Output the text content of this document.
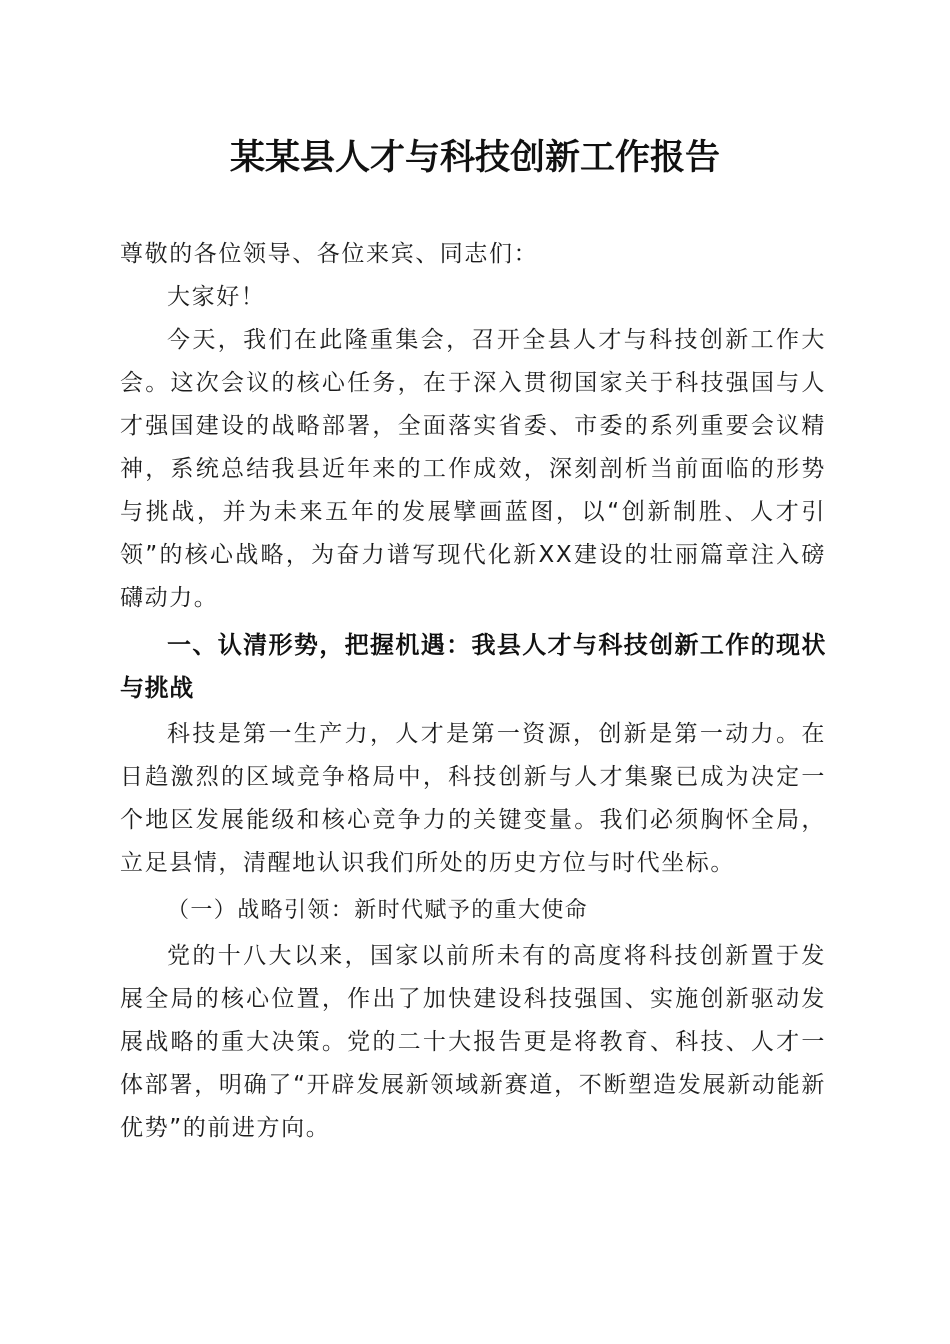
某某县人才与科技创新工作报告

尊敬的各位领导、各位来宾、同志们：

大家好！

今天，我们在此隆重集会，召开全县人才与科技创新工作大会。这次会议的核心任务，在于深入贯彻国家关于科技强国与人才强国建设的战略部署，全面落实省委、市委的系列重要会议精神，系统总结我县近年来的工作成效，深刻剖析当前面临的形势与挑战，并为未来五年的发展擘画蓝图，以“创新制胜、人才引领”的核心战略，为奋力谱写现代化新XX建设的壮丽篇章注入磅礴动力。

一、认清形势，把握机遇：我县人才与科技创新工作的现状与挑战

科技是第一生产力，人才是第一资源，创新是第一动力。在日趋激烈的区域竞争格局中，科技创新与人才集聚已成为决定一个地区发展能级和核心竞争力的关键变量。我们必须胸怀全局，立足县情，清醒地认识我们所处的历史方位与时代坐标。

（一）战略引领：新时代赋予的重大使命

党的十八大以来，国家以前所未有的高度将科技创新置于发展全局的核心位置，作出了加快建设科技强国、实施创新驱动发展战略的重大决策。党的二十大报告更是将教育、科技、人才一体部署，明确了“开辟发展新领域新赛道，不断塑造发展新动能新优势”的前进方向。
